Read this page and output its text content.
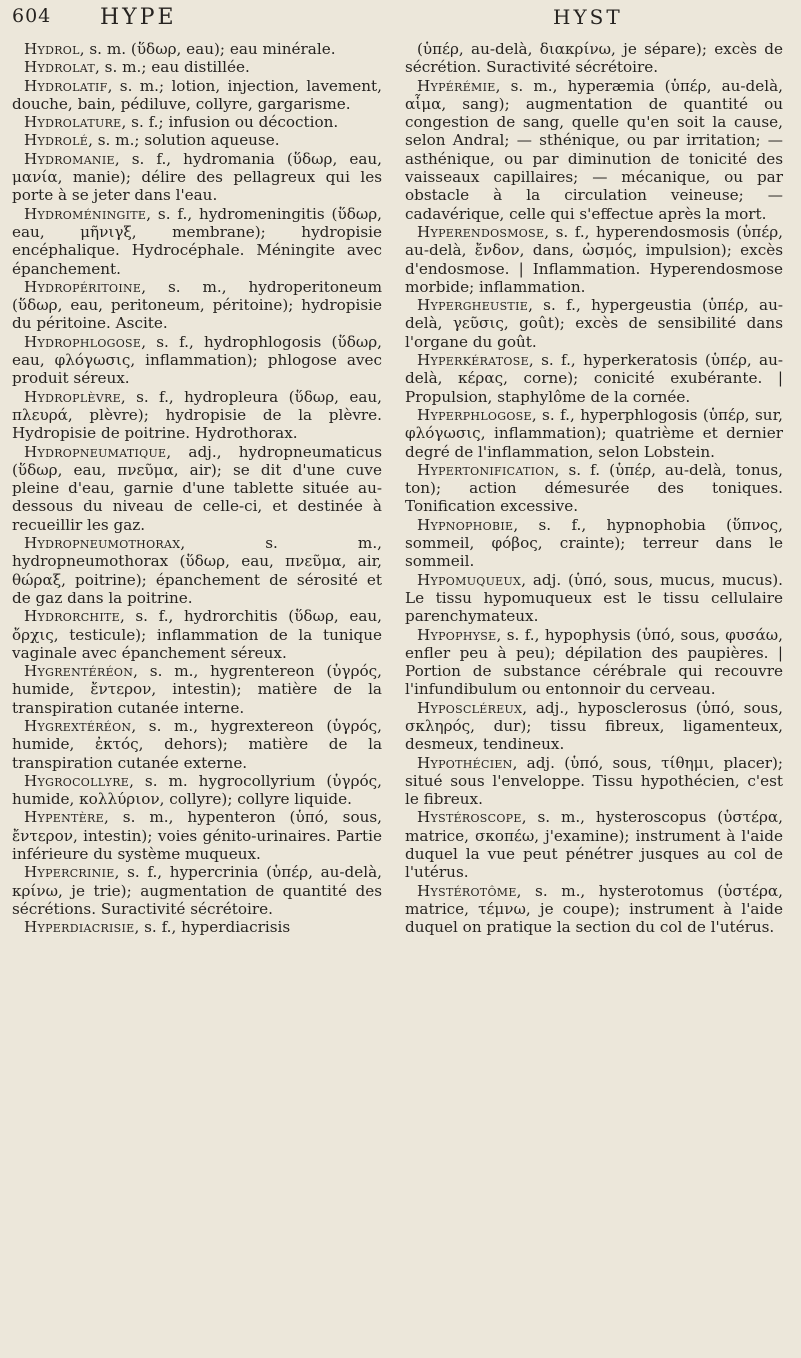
604 HYPE	HYST

Hydrol, s. m. (ὕδωρ, eau); eau minérale.

Hydrolat, s. m.; eau distillée.

Hydrolatif, s. m.; lotion, injection, lavement, douche, bain, pédiluve, collyre, gargarisme.

Hydrolature, s. f.; infusion ou décoction.

Hydrolé, s. m.; solution aqueuse.

Hydromanie, s. f., hydromania (ὕδωρ, eau, μανία, manie); délire des pellagreux qui les porte à se jeter dans l'eau.

Hydroméningite, s. f., hydromeningitis (ὕδωρ, eau, μῆνιγξ, membrane); hydropisie encéphalique. Hydrocéphale. Méningite avec épanchement.

Hydropéritoine, s. m., hydroperitoneum (ὕδωρ, eau, peritoneum, péritoine); hydropisie du péritoine. Ascite.

Hydrophlogose, s. f., hydrophlogosis (ὕδωρ, eau, φλόγωσις, inflammation); phlogose avec produit séreux.

Hydroplèvre, s. f., hydropleura (ὕδωρ, eau, πλευρά, plèvre); hydropisie de la plèvre. Hydropisie de poitrine. Hydrothorax.

Hydropneumatique, adj., hydropneumaticus (ὕδωρ, eau, πνεῦμα, air); se dit d'une cuve pleine d'eau, garnie d'une tablette située au-dessous du niveau de celle-ci, et destinée à recueillir les gaz.

Hydropneumothorax, s. m., hydropneumothorax (ὕδωρ, eau, πνεῦμα, air, θώραξ, poitrine); épanchement de sérosité et de gaz dans la poitrine.

Hydrorchite, s. f., hydrorchitis (ὕδωρ, eau, ὄρχις, testicule); inflammation de la tunique vaginale avec épanchement séreux.

Hygrentéréon, s. m., hygrentereon (ὑγρός, humide, ἔντερον, intestin); matière de la transpiration cutanée interne.

Hygrextéréon, s. m., hygrextereon (ὑγρός, humide, ἐκτός, dehors); matière de la transpiration cutanée externe.

Hygrocollyre, s. m. hygrocollyrium (ὑγρός, humide, κολλύριον, collyre); collyre liquide.

Hypentère, s. m., hypenteron (ὑπό, sous, ἔντερον, intestin); voies génito-urinaires. Partie inférieure du système muqueux.

Hypercrinie, s. f., hypercrinia (ὑπέρ, au-delà, κρίνω, je trie); augmentation de quantité des sécrétions. Suractivité sécrétoire.

Hyperdiacrisie, s. f., hyperdiacrisis

(ὑπέρ, au-delà, διακρίνω, je sépare); excès de sécrétion. Suractivité sécrétoire.

Hypérémie, s. m., hyperæmia (ὑπέρ, au-delà, αἷμα, sang); augmentation de quantité ou congestion de sang, quelle qu'en soit la cause, selon Andral; — sthénique, ou par irritation; — asthénique, ou par diminution de tonicité des vaisseaux capillaires; — mécanique, ou par obstacle à la circulation veineuse; — cadavérique, celle qui s'effectue après la mort.

Hyperendosmose, s. f., hyperendosmosis (ὑπέρ, au-delà, ἔνδον, dans, ὠσμός, impulsion); excès d'endosmose. | Inflammation. Hyperendosmose morbide; inflammation.

Hypergheustie, s. f., hypergeustia (ὑπέρ, au-delà, γεῦσις, goût); excès de sensibilité dans l'organe du goût.

Hyperkératose, s. f., hyperkeratosis (ὑπέρ, au-delà, κέρας, corne); conicité exubérante. | Propulsion, staphylôme de la cornée.

Hyperphlogose, s. f., hyperphlogosis (ὑπέρ, sur, φλόγωσις, inflammation); quatrième et dernier degré de l'inflammation, selon Lobstein.

Hypertonification, s. f. (ὑπέρ, au-delà, tonus, ton); action démesurée des toniques. Tonification excessive.

Hypnophobie, s. f., hypnophobia (ὕπνος, sommeil, φόβος, crainte); terreur dans le sommeil.

Hypomuqueux, adj. (ὑπό, sous, mucus, mucus). Le tissu hypomuqueux est le tissu cellulaire parenchymateux.

Hypophyse, s. f., hypophysis (ὑπό, sous, φυσάω, enfler peu à peu); dépilation des paupières. | Portion de substance cérébrale qui recouvre l'infundibulum ou entonnoir du cerveau.

Hyposcléreux, adj., hyposclerosus (ὑπό, sous, σκληρός, dur); tissu fibreux, ligamenteux, desmeux, tendineux.

Hypothécien, adj. (ὑπό, sous, τίθημι, placer); situé sous l'enveloppe. Tissu hypothécien, c'est le fibreux.

Hystéroscope, s. m., hysteroscopus (ὑστέρα, matrice, σκοπέω, j'examine); instrument à l'aide duquel la vue peut pénétrer jusques au col de l'utérus.

Hystérotôme, s. m., hysterotomus (ὑστέρα, matrice, τέμνω, je coupe); instrument à l'aide duquel on pratique la section du col de l'utérus.
